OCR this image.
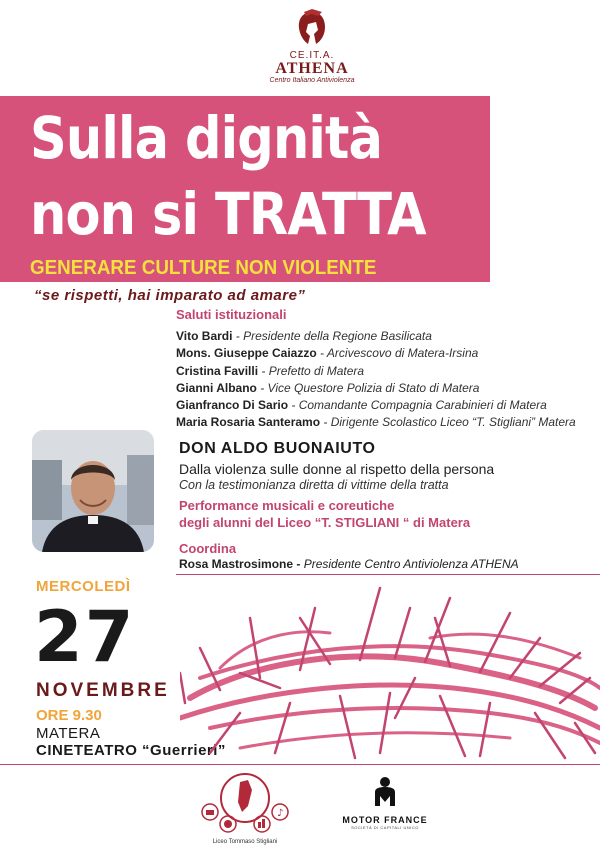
CE.IT.A.
ATHENA
Centro Italiano Antiviolenza
Sulla dignità
non si TRATTA
GENERARE CULTURE NON VIOLENTE
“se rispetti, hai imparato ad amare”
Saluti istituzionali
Vito Bardi - Presidente della Regione Basilicata
Mons. Giuseppe Caiazzo - Arcivescovo di Matera-Irsina
Cristina Favilli - Prefetto di Matera
Gianni Albano - Vice Questore Polizia di Stato di Matera
Gianfranco Di Sario - Comandante Compagnia Carabinieri di Matera
Maria Rosaria Santeramo - Dirigente Scolastico Liceo “T. Stigliani” Matera
DON ALDO BUONAIUTO
Dalla violenza sulle donne al rispetto della persona
Con la testimonianza diretta di vittime della tratta
Performance musicali e coreutiche
degli alunni del Liceo “T. STIGLIANI “ di Matera
Coordina
Rosa Mastrosimone - Presidente Centro Antiviolenza ATHENA
MERCOLEDÌ
27
NOVEMBRE
ORE 9.30
MATERA
CINETEATRO “Guerrieri”
♪
Liceo Tommaso Stigliani
MOTOR FRANCE
SOCIETÀ DI CAPITALI UNICO
